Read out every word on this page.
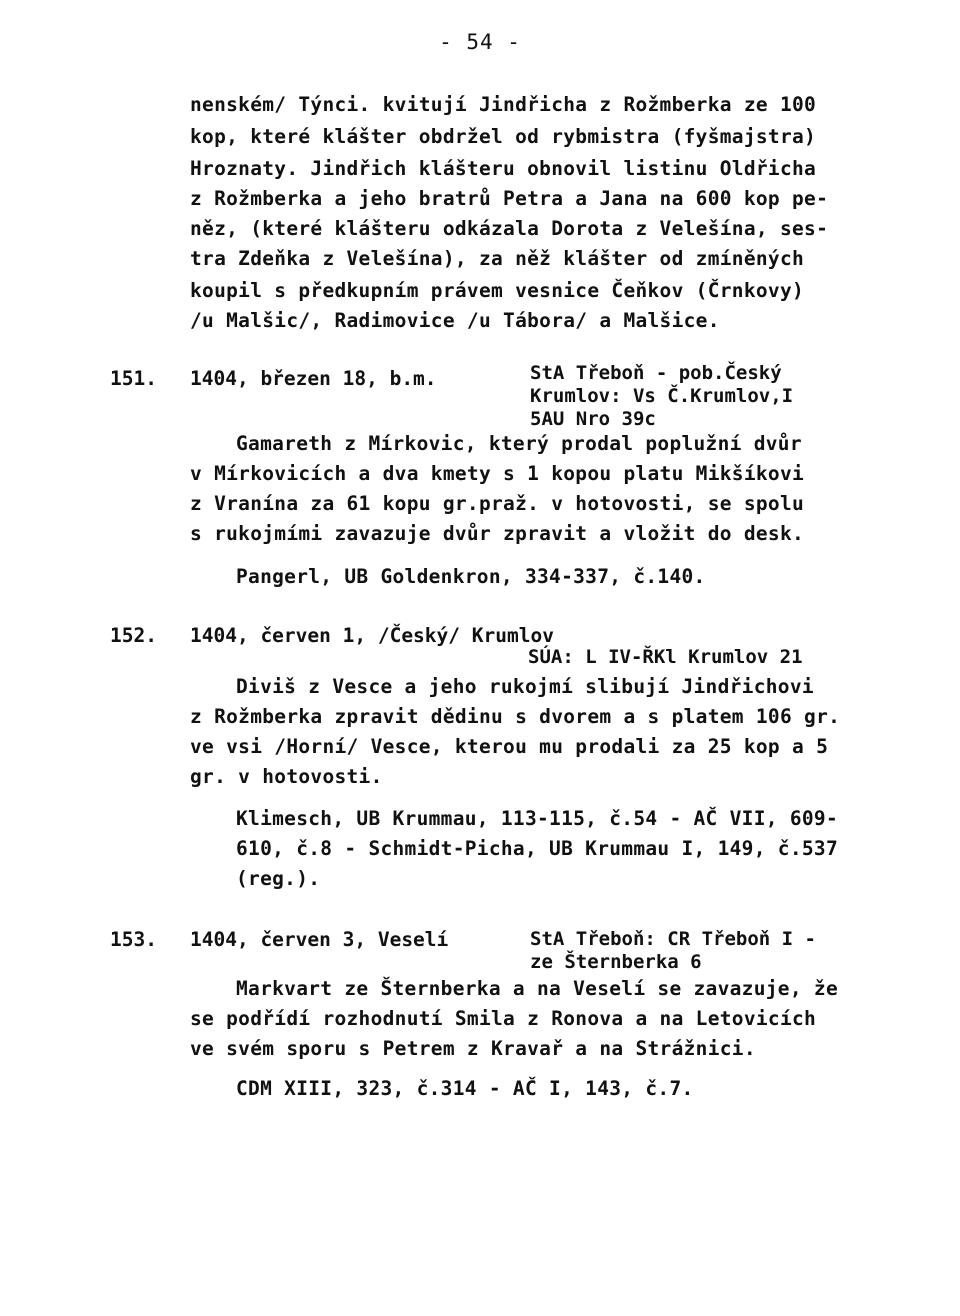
- 54 -
nenském/ Týnci. kvitují Jindřicha z Rožmberka ze 100
kop, které klášter obdržel od rybmistra (fyšmajstra)
Hroznaty. Jindřich klášteru obnovil listinu Oldřicha
z Rožmberka a jeho bratrů Petra a Jana na 600 kop pe-
něz, (které klášteru odkázala Dorota z Velešína, ses-
tra Zdeňka z Velešína), za něž klášter od zmíněných
koupil s předkupním právem vesnice Čeňkov (Črnkovy)
/u Malšic/, Radimovice /u Tábora/ a Malšice.
151. 1404, březen 18, b.m.	StA Třeboň - pob.Český
Krumlov: Vs Č.Krumlov,I
5AU Nro 39c
Gamareth z Mírkovic, který prodal poplužní dvůr
v Mírkovicích a dva kmety s 1 kopou platu Mikšíkovi
z Vranína za 61 kopu gr.praž. v hotovosti, se spolu
s rukojmími zavazuje dvůr zpravit a vložit do desk.
Pangerl, UB Goldenkron, 334-337, č.140.
152. 1404, červen 1, /Český/ Krumlov
SÚA: L IV-ŘKl Krumlov 21
Diviš z Vesce a jeho rukojmí slibují Jindřichovi
z Rožmberka zpravit dědinu s dvorem a s platem 106 gr.
ve vsi /Horní/ Vesce, kterou mu prodali za 25 kop a 5
gr. v hotovosti.
Klimesch, UB Krummau, 113-115, č.54 - AČ VII, 609-
610, č.8 - Schmidt-Picha, UB Krummau I, 149, č.537
(reg.).
153. 1404, červen 3, Veselí	StA Třeboň: CR Třeboň I -
ze Šternberka 6
Markvart ze Šternberka a na Veselí se zavazuje, že
se podřídí rozhodnutí Smila z Ronova a na Letovicích
ve svém sporu s Petrem z Kravař a na Strážnici.
CDM XIII, 323, č.314 - AČ I, 143, č.7.
